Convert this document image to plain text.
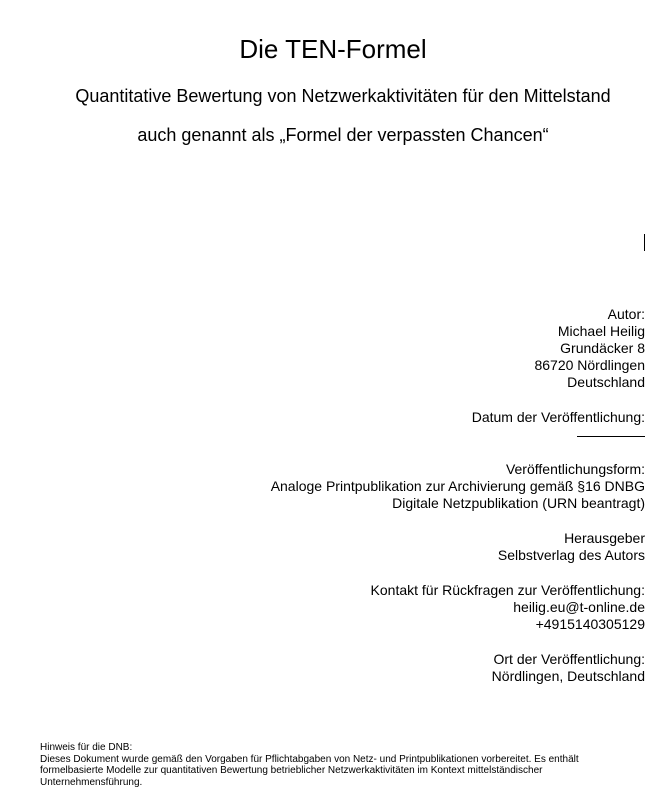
Die TEN-Formel

Quantitative Bewertung von Netzwerkaktivitäten für den Mittelstand

auch genannt als „Formel der verpassten Chancen“

Autor:
Michael Heilig
Grundäcker 8
86720 Nördlingen
Deutschland
Datum der Veröffentlichung:
Veröffentlichungsform:
Analoge Printpublikation zur Archivierung gemäß §16 DNBG
Digitale Netzpublikation (URN beantragt)
Herausgeber
Selbstverlag des Autors
Kontakt für Rückfragen zur Veröffentlichung:
heilig.eu@t-online.de
+4915140305129
Ort der Veröffentlichung:
Nördlingen, Deutschland
Hinweis für die DNB:
Dieses Dokument wurde gemäß den Vorgaben für Pflichtabgaben von Netz- und Printpublikationen vorbereitet. Es enthält
formelbasierte Modelle zur quantitativen Bewertung betrieblicher Netzwerkaktivitäten im Kontext mittelständischer
Unternehmensführung.
